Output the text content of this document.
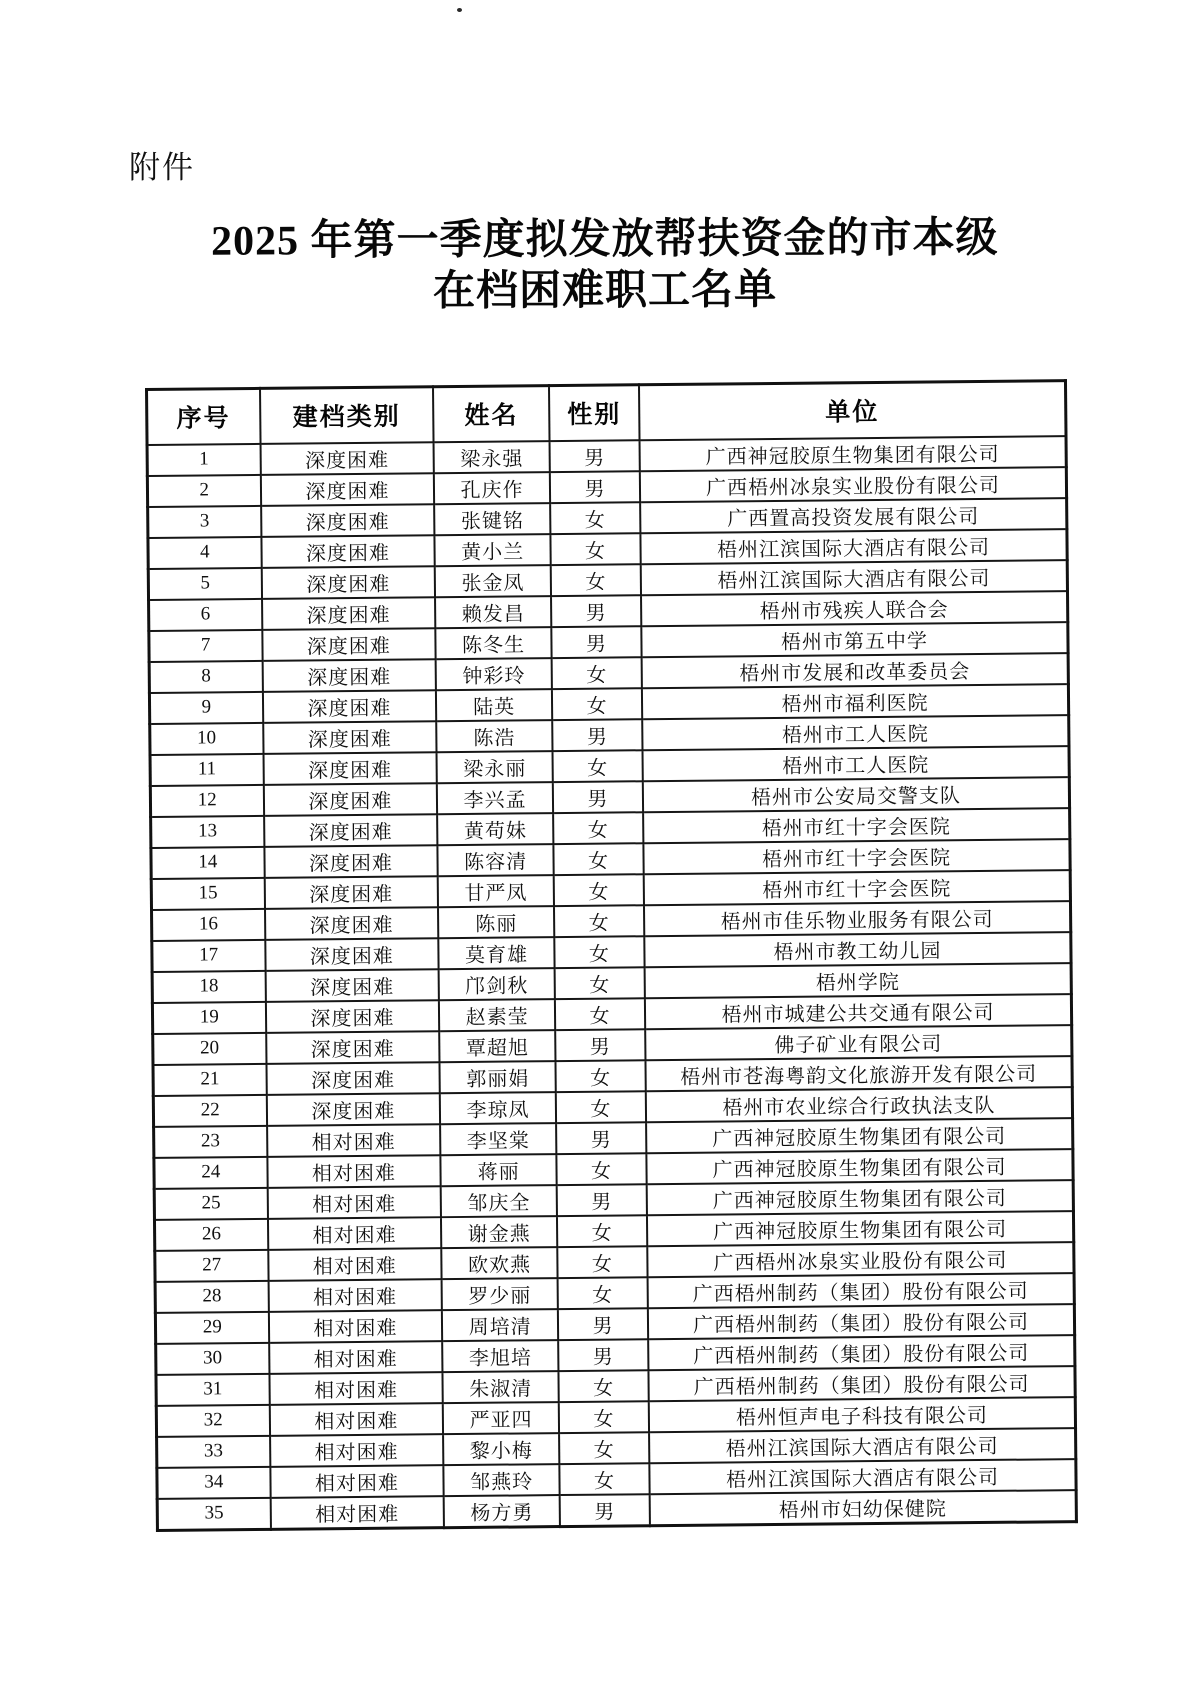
附件
2025 年第一季度拟发放帮扶资金的市本级
在档困难职工名单
序号	建档类别	姓名	性别	单位
1	深度困难	梁永强	男	广西神冠胶原生物集团有限公司
2	深度困难	孔庆作	男	广西梧州冰泉实业股份有限公司
3	深度困难	张键铭	女	广西置高投资发展有限公司
4	深度困难	黄小兰	女	梧州江滨国际大酒店有限公司
5	深度困难	张金凤	女	梧州江滨国际大酒店有限公司
6	深度困难	赖发昌	男	梧州市残疾人联合会
7	深度困难	陈冬生	男	梧州市第五中学
8	深度困难	钟彩玲	女	梧州市发展和改革委员会
9	深度困难	陆英	女	梧州市福利医院
10	深度困难	陈浩	男	梧州市工人医院
11	深度困难	梁永丽	女	梧州市工人医院
12	深度困难	李兴孟	男	梧州市公安局交警支队
13	深度困难	黄苟妹	女	梧州市红十字会医院
14	深度困难	陈容清	女	梧州市红十字会医院
15	深度困难	甘严凤	女	梧州市红十字会医院
16	深度困难	陈丽	女	梧州市佳乐物业服务有限公司
17	深度困难	莫育雄	女	梧州市教工幼儿园
18	深度困难	邝剑秋	女	梧州学院
19	深度困难	赵素莹	女	梧州市城建公共交通有限公司
20	深度困难	覃超旭	男	佛子矿业有限公司
21	深度困难	郭丽娟	女	梧州市苍海粤韵文化旅游开发有限公司
22	深度困难	李琼凤	女	梧州市农业综合行政执法支队
23	相对困难	李坚棠	男	广西神冠胶原生物集团有限公司
24	相对困难	蒋丽	女	广西神冠胶原生物集团有限公司
25	相对困难	邹庆全	男	广西神冠胶原生物集团有限公司
26	相对困难	谢金燕	女	广西神冠胶原生物集团有限公司
27	相对困难	欧欢燕	女	广西梧州冰泉实业股份有限公司
28	相对困难	罗少丽	女	广西梧州制药（集团）股份有限公司
29	相对困难	周培清	男	广西梧州制药（集团）股份有限公司
30	相对困难	李旭培	男	广西梧州制药（集团）股份有限公司
31	相对困难	朱淑清	女	广西梧州制药（集团）股份有限公司
32	相对困难	严亚四	女	梧州恒声电子科技有限公司
33	相对困难	黎小梅	女	梧州江滨国际大酒店有限公司
34	相对困难	邹燕玲	女	梧州江滨国际大酒店有限公司
35	相对困难	杨方勇	男	梧州市妇幼保健院
